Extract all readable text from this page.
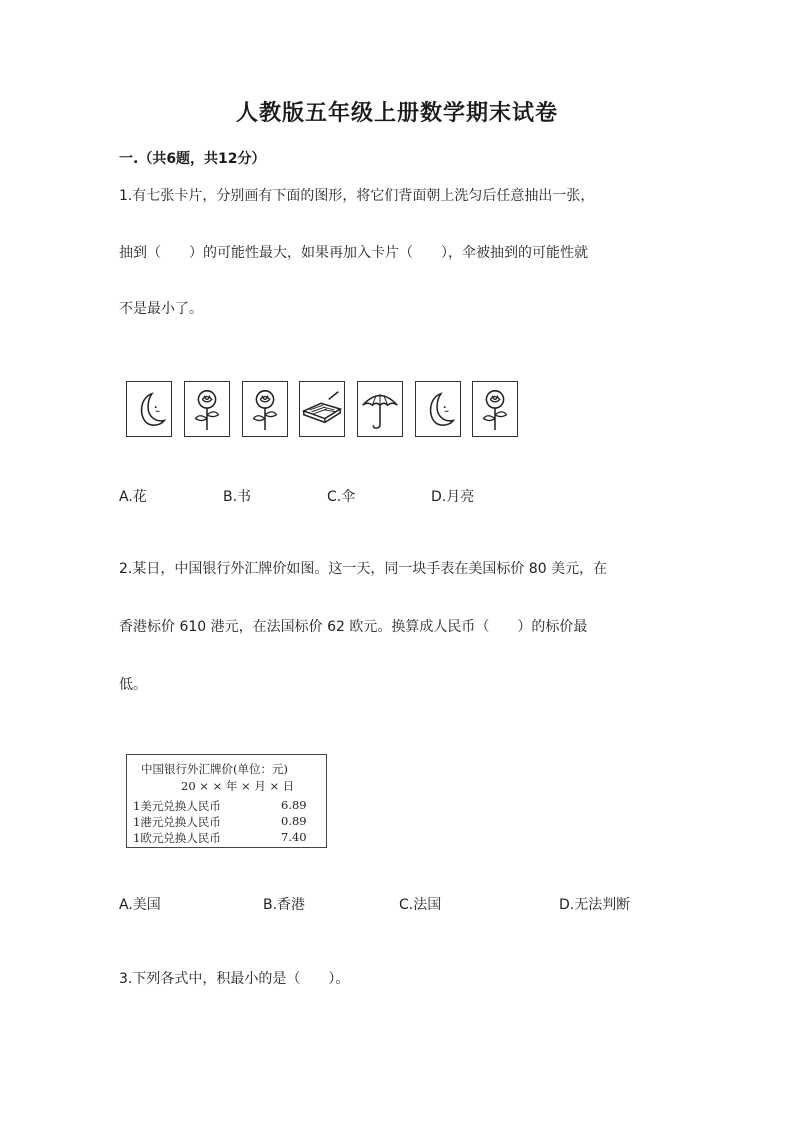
人教版五年级上册数学期末试卷
一.（共6题，共12分）
1.有七张卡片，分别画有下面的图形，将它们背面朝上洗匀后任意抽出一张，
抽到（　　）的可能性最大，如果再加入卡片（　　），伞被抽到的可能性就
不是最小了。
A.花	B.书	C.伞	D.月亮
2.某日，中国银行外汇牌价如图。这一天，同一块手表在美国标价 80 美元，在
香港标价 610 港元，在法国标价 62 欧元。换算成人民币（　　）的标价最
低。
中国银行外汇牌价(单位：元)
20 × × 年 × 月 × 日
1美元兑换人民币	6.89
1港元兑换人民币	0.89
1欧元兑换人民币	7.40
A.美国	B.香港	C.法国	D.无法判断
3.下列各式中，积最小的是（　　）。
